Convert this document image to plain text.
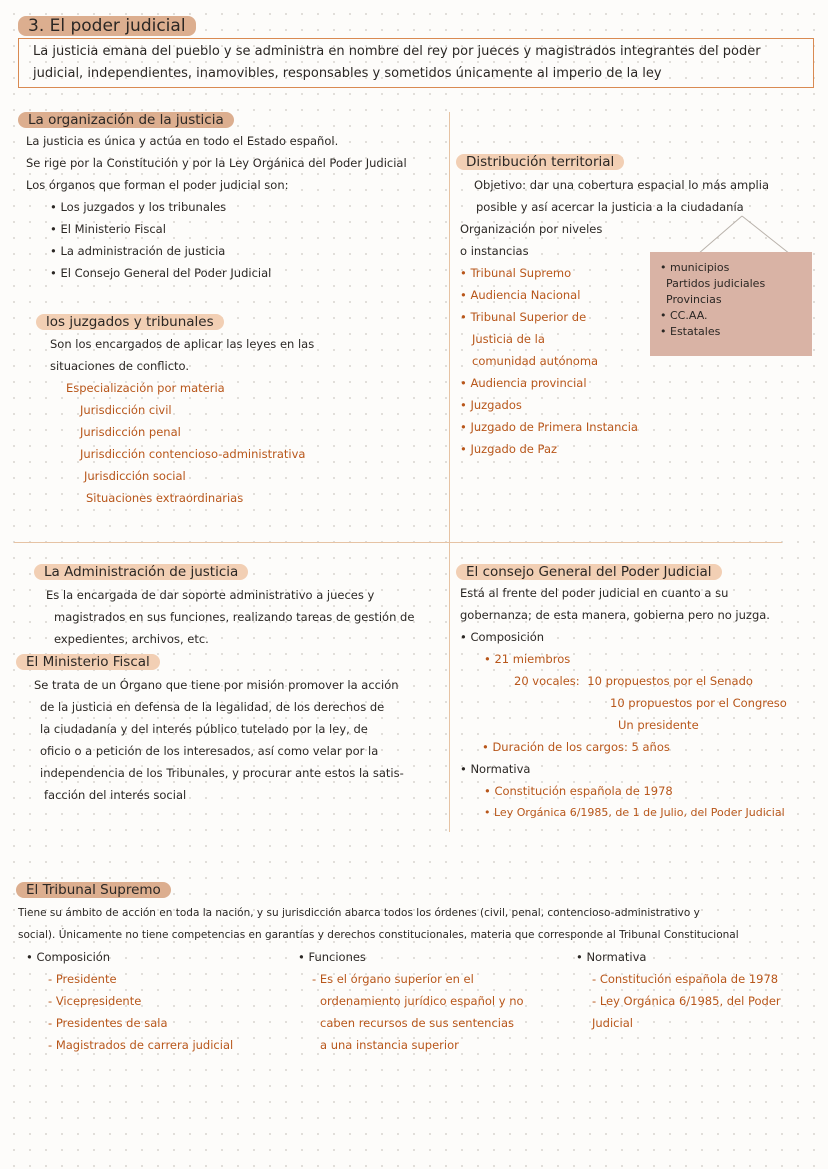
3. El poder judicial
La justicia emana del pueblo y se administra en nombre del rey por jueces y magistrados integrantes del poder judicial, independientes, inamovibles, responsables y sometidos únicamente al imperio de la ley
La organización de la justicia
La justicia es única y actúa en todo el Estado español.
Se rige por la Constitución y por la Ley Orgánica del Poder Judicial
Los órganos que forman el poder judicial son:
• Los juzgados y los tribunales
• El Ministerio Fiscal
• La administración de justicia
• El Consejo General del Poder Judicial
los juzgados y tribunales
Son los encargados de aplicar las leyes en las
situaciones de conflicto.
Especialización por materia
Jurisdicción civil
Jurisdicción penal
Jurisdicción contencioso-administrativa
Jurisdicción social
Situaciones extraordinarias
Distribución territorial
Objetivo: dar una cobertura espacial lo más amplia
posible y así acercar la justicia a la ciudadanía
Organización por niveles
o instancias
• Tribunal Supremo
• Audiencia Nacional
• Tribunal Superior de
Justicia de la
comunidad autónoma
• Audiencia provincial
• Juzgados
• Juzgado de Primera Instancia
• Juzgado de Paz
• municipios
Partidos judiciales
Provincias
• CC.AA.
• Estatales
La Administración de justicia
Es la encargada de dar soporte administrativo a jueces y
magistrados en sus funciones, realizando tareas de gestión de
expedientes, archivos, etc.
El Ministerio Fiscal
Se trata de un Órgano que tiene por misión promover la acción
de la justicia en defensa de la legalidad, de los derechos de
la ciudadanía y del interés público tutelado por la ley, de
oficio o a petición de los interesados, así como velar por la
independencia de los Tribunales, y procurar ante estos la satis-
facción del interés social
El consejo General del Poder Judicial
Está al frente del poder judicial en cuanto a su
gobernanza; de esta manera, gobierna pero no juzga.
• Composición
• 21 miembros
20 vocales: 10 propuestos por el Senado
10 propuestos por el Congreso
Un presidente
• Duración de los cargos: 5 años
• Normativa
• Constitución española de 1978
• Ley Orgánica 6/1985, de 1 de Julio, del Poder Judicial
El Tribunal Supremo
Tiene su ámbito de acción en toda la nación, y su jurisdicción abarca todos los órdenes (civil, penal, contencioso-administrativo y
social). Únicamente no tiene competencias en garantías y derechos constitucionales, materia que corresponde al Tribunal Constitucional
• Composición
- Presidente
- Vicepresidente
- Presidentes de sala
- Magistrados de carrera judicial
• Funciones
- Es el órgano superior en el
ordenamiento jurídico español y no
caben recursos de sus sentencias
a una instancia superior
• Normativa
- Constitución española de 1978
- Ley Orgánica 6/1985, del Poder Judicial
